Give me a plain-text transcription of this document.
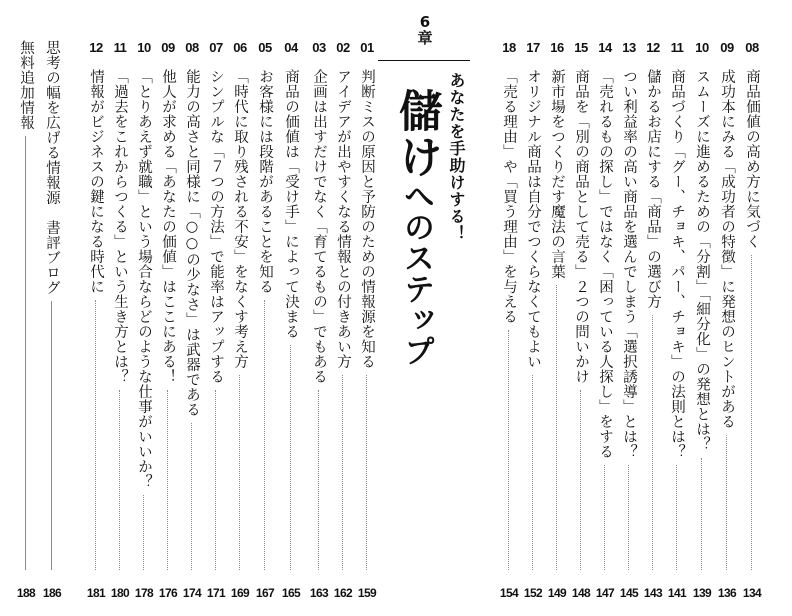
08
商品価値の高め方に気づく
134
09
成功本にみる「成功者の特徴」に発想のヒントがある
136
10
スムーズに進めるための「分割」「細分化」の発想とは？
139
11
商品づくり「グー、チョキ、パー、チョキ」の法則とは？
141
12
儲かるお店にする「商品」の選び方
143
13
つい利益率の高い商品を選んでしまう「選択誘導」とは？
145
14
「売れるもの探し」ではなく「困っている人探し」をする
147
15
商品を「別の商品として売る」２つの問いかけ
148
16
新市場をつくりだす魔法の言葉
149
17
オリジナル商品は自分でつくらなくてもよい
152
18
「売る理由」や「買う理由」を与える
154
6
章
あなたを手助けする！
儲けへのステップ
01
判断ミスの原因と予防のための情報源を知る
159
02
アイデアが出やすくなる情報との付きあい方
162
03
企画は出すだけでなく「育てるもの」でもある
163
04
商品の価値は「受け手」によって決まる
165
05
お客様には段階があることを知る
167
06
「時代に取り残される不安」をなくす考え方
169
07
シンプルな「７つの方法」で能率はアップする
171
08
能力の高さと同様に「○○の少なさ」は武器である
174
09
他人が求める「あなたの価値」はここにある！
176
10
「とりあえず就職」という場合ならどのような仕事がいいか？
178
11
「過去をこれからつくる」という生き方とは？
180
12
情報がビジネスの鍵になる時代に
181
思考の幅を広げる情報源　書評ブログ
186
無料追加情報
188
